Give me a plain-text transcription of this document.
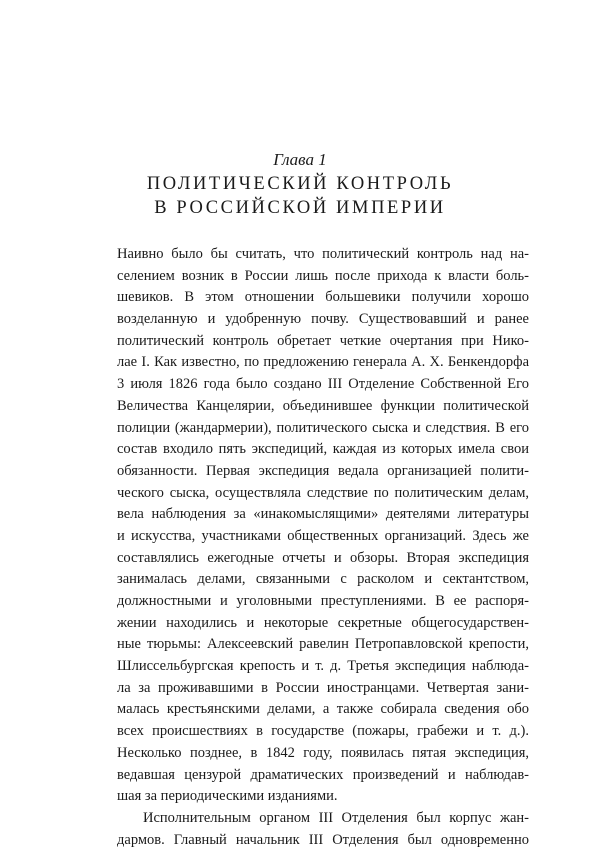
Глава 1
ПОЛИТИЧЕСКИЙ КОНТРОЛЬ
В РОССИЙСКОЙ ИМПЕРИИ
Наивно было бы считать, что политический контроль над на-
селением возник в России лишь после прихода к власти боль-
шевиков. В этом отношении большевики получили хорошо
возделанную и удобренную почву. Существовавший и ранее
политический контроль обретает четкие очертания при Нико-
лае I. Как известно, по предложению генерала А. Х. Бенкендорфа
3 июля 1826 года было создано III Отделение Собственной Его
Величества Канцелярии, объединившее функции политической
полиции (жандармерии), политического сыска и следствия. В его
состав входило пять экспедиций, каждая из которых имела свои
обязанности. Первая экспедиция ведала организацией полити-
ческого сыска, осуществляла следствие по политическим делам,
вела наблюдения за «инакомыслящими» деятелями литературы
и искусства, участниками общественных организаций. Здесь же
составлялись ежегодные отчеты и обзоры. Вторая экспедиция
занималась делами, связанными с расколом и сектантством,
должностными и уголовными преступлениями. В ее распоря-
жении находились и некоторые секретные общегосударствен-
ные тюрьмы: Алексеевский равелин Петропавловской крепости,
Шлиссельбургская крепость и т. д. Третья экспедиция наблюда-
ла за проживавшими в России иностранцами. Четвертая зани-
малась крестьянскими делами, а также собирала сведения обо
всех происшествиях в государстве (пожары, грабежи и т. д.).
Несколько позднее, в 1842 году, появилась пятая экспедиция,
ведавшая цензурой драматических произведений и наблюдав-
шая за периодическими изданиями.
Исполнительным органом III Отделения был корпус жан-
дармов. Главный начальник III Отделения был одновременно
